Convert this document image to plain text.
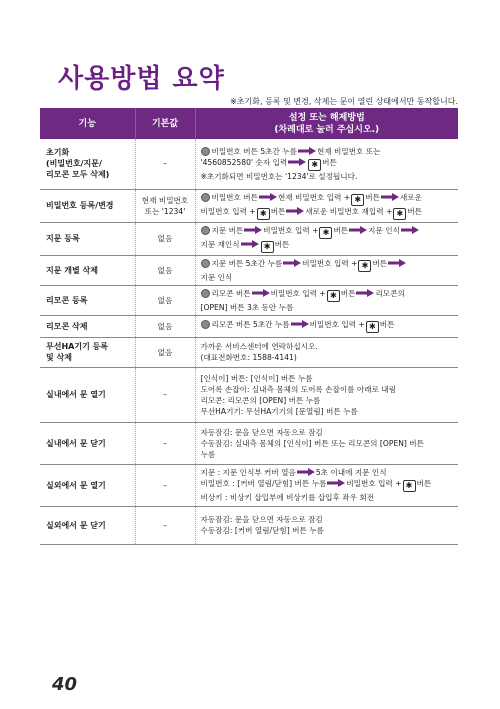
사용방법 요약
※초기화, 등록 및 변경, 삭제는 문이 열린 상태에서만 동작합니다.
기능	기본값	설정 또는 해제방법
(차례대로 눌러 주십시오.)

초기화
(비밀번호/지문/
리모콘 모두 삭제)	–	비밀번호 버튼 5초간 누름 현재 비밀번호 또는
'4560852580' 숫자 입력 ✱ 버튼
※초기화되면 비밀번호는 '1234'로 설정됩니다.

비밀번호 등록/변경	현재 비밀번호
또는 '1234'	비밀번호 버튼 현재 비밀번호 입력 + ✱ 버튼 새로운
비밀번호 입력 + ✱ 버튼 새로운 비밀번호 재입력 + ✱ 버튼

지문 등록	없음	지문 버튼 비밀번호 입력 + ✱ 버튼 지문 인식
지문 재인식 ✱ 버튼

지문 개별 삭제	없음	지문 버튼 5초간 누름 비밀번호 입력 + ✱ 버튼
지문 인식

리모콘 등록	없음	리모콘 버튼 비밀번호 입력 + ✱ 버튼 리모콘의
[OPEN] 버튼 3초 동안 누름

리모콘 삭제	없음	리모콘 버튼 5초간 누름 비밀번호 입력 + ✱ 버튼

무선HA기기 등록
및 삭제	없음	가까운 서비스센터에 연락하십시오.
(대표전화번호: 1588-4141)

실내에서 문 열기	–	[인식이] 버튼: [인식이] 버튼 누름
도어록 손잡이: 실내측 몸체의 도어록 손잡이를 아래로 내림
리모콘: 리모콘의 [OPEN] 버튼 누름
무선HA기기: 무선HA기기의 [문열림] 버튼 누름

실내에서 문 닫기	–	자동잠김: 문을 닫으면 자동으로 잠김
수동잠김: 실내측 몸체의 [인식이] 버튼 또는 리모콘의 [OPEN] 버튼
누름

실외에서 문 열기	–	지문 : 지문 인식부 커버 열음 5초 이내에 지문 인식
비밀번호 : [커버 열림/닫힘] 버튼 누름 비밀번호 입력 + ✱ 버튼
비상키 : 비상키 삽입부에 비상키를 삽입후 좌우 회전

실외에서 문 닫기	–	자동잠김: 문을 닫으면 자동으로 잠김
수동잠김: [커버 열림/닫힘] 버튼 누름
40
